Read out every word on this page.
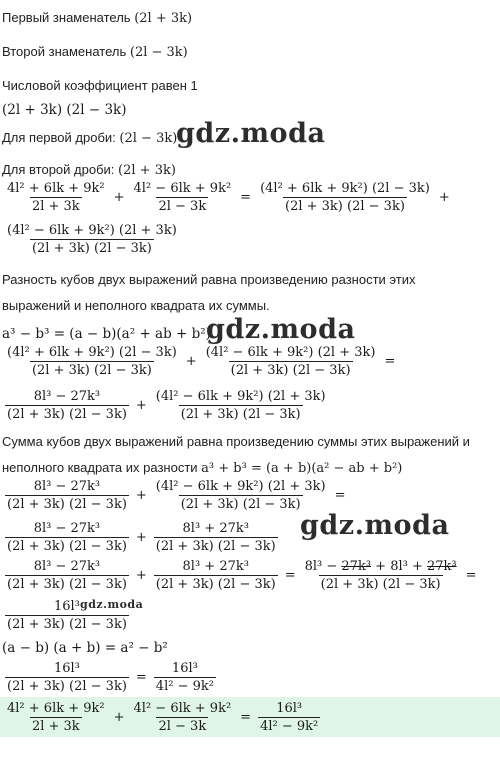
Первый знаменатель (2l + 3k)
Второй знаменатель (2l − 3k)
Числовой коэффициент равен 1
(2l + 3k) (2l − 3k)
Для первой дроби: (2l − 3k)
Для второй дроби: (2l + 3k)
$\frac{\text{4l² + 6lk + 9k²}}{2l + 3k} + \frac{\text{4l² − 6lk + 9k²}}{2l - 3k} = \frac{\text{(4l² + 6lk + 9k²) (2l − 3k)}}{(2l + 3k) (2l - 3k)}$ +
$\frac{\text{(4l² − 6lk + 9k²) (2l + 3k)}}{(2l + 3k) (2l - 3k)}$
Разность кубов двух выражений равна произведению разности этих
выражений и неполного квадрата их суммы.
a³ − b³ = (a − b)(a² + ab + b²)
$\frac{\text{(4l² + 6lk + 9k²) (2l − 3k)}}{(2l + 3k) (2l - 3k)} + \frac{\text{(4l² − 6lk + 9k²) (2l + 3k)}}{(2l + 3k) (2l - 3k)}$ =
$\frac{\text{8l³ − 27k³}}{(2l + 3k) (2l - 3k)} + \frac{\text{(4l² − 6lk + 9k²) (2l + 3k)}}{(2l + 3k) (2l - 3k)}$
Сумма кубов двух выражений равна произведению суммы этих выражений и
неполного квадрата их разности a³ + b³ = (a + b)(a² − ab + b²)
$\frac{\text{8l³ − 27k³}}{(2l + 3k) (2l - 3k)} + \frac{\text{(4l² − 6lk + 9k²) (2l + 3k)}}{(2l + 3k) (2l - 3k)}$ =
$\frac{\text{8l³ − 27k³}}{(2l + 3k) (2l - 3k)} + \frac{\text{8l³ + 27k³}}{(2l + 3k) (2l - 3k)}$
$\frac{\text{8l³ − 27k³}}{(2l + 3k) (2l - 3k)} + \frac{\text{8l³ + 27k³}}{(2l + 3k) (2l - 3k)} = \frac{\text{8l³ − 27k³ + 8l³ + 27k³}}{(2l + 3k) (2l - 3k)}$ =
$\frac{\text{16l³}}{(2l + 3k) (2l - 3k)}$
(a − b) (a + b) = a² − b²
$\frac{\text{16l³}}{(2l + 3k) (2l - 3k)} = \frac{\text{16l³}}{\text{4l² − 9k²}}$
$\frac{\text{4l² + 6lk + 9k²}}{2l + 3k} + \frac{\text{4l² − 6lk + 9k²}}{2l - 3k} = \frac{\text{16l³}}{\text{4l² − 9k²}}$
gdz.moda
gdz.moda
gdz.moda
gdz.moda
